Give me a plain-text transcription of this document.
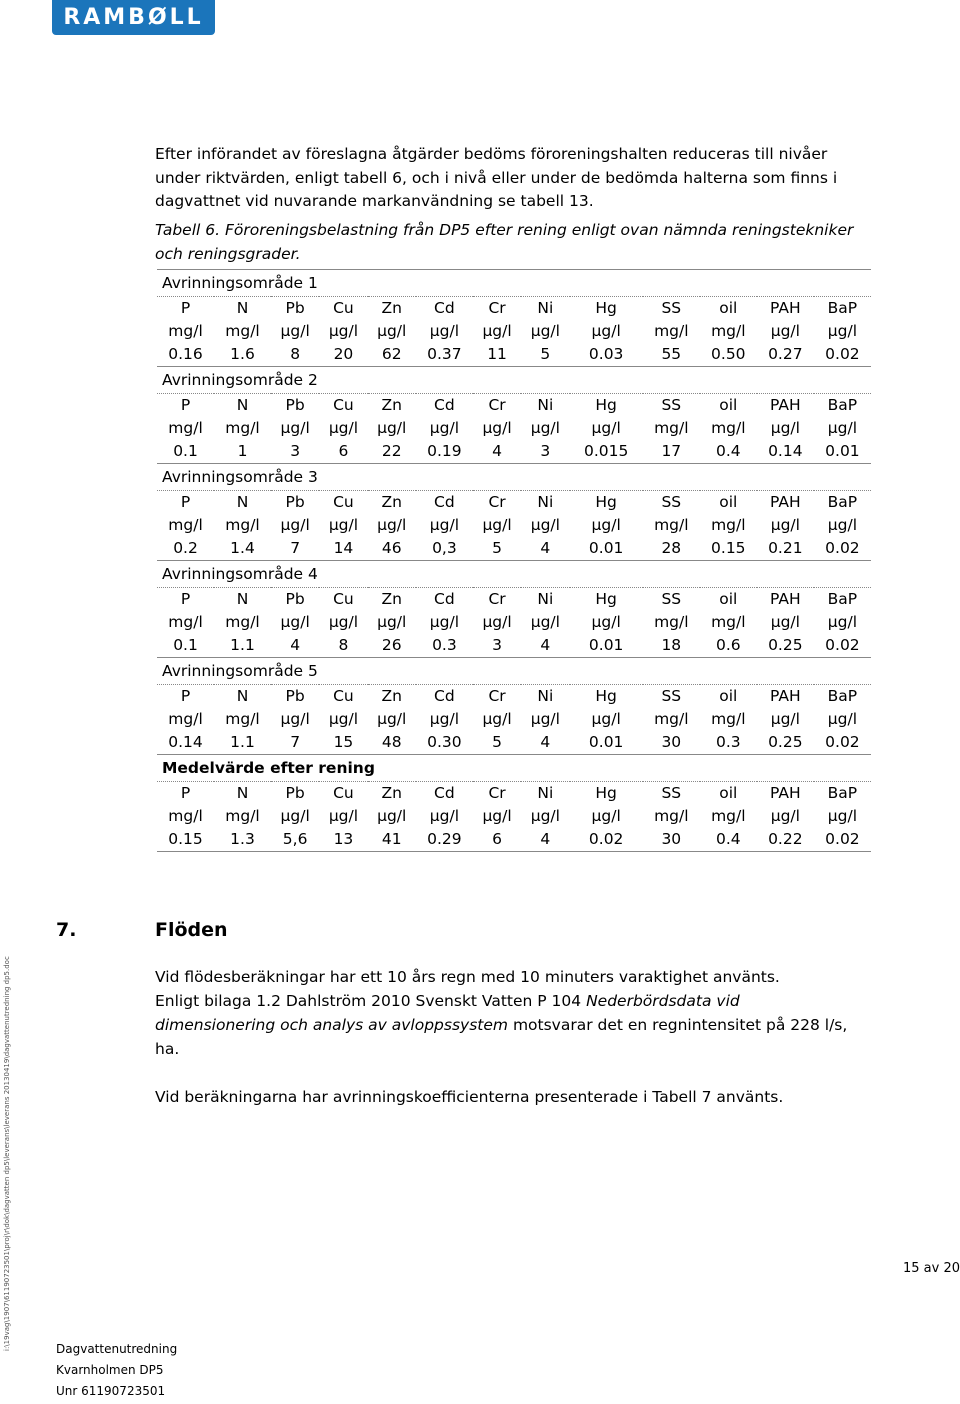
RAMBØLL
i:\19vag\1907\61190723501\proj\r\dok\dagvatten dp5\leverans\leverans 20130419\dagvattenutredning dp5.doc
Efter införandet av föreslagna åtgärder bedöms föroreningshalten reduceras till nivåer under riktvärden, enligt tabell 6, och i nivå eller under de bedömda halterna som finns i dagvattnet vid nuvarande markanvändning se tabell 13.
Tabell 6. Föroreningsbelastning från DP5 efter rening enligt ovan nämnda reningstekniker och reningsgrader.
Avrinningsområde 1												
P	N	Pb	Cu	Zn	Cd	Cr	Ni	Hg	SS	oil	PAH	BaP
mg/l	mg/l	µg/l	µg/l	µg/l	µg/l	µg/l	µg/l	µg/l	mg/l	mg/l	µg/l	µg/l
0.16	1.6	8	20	62	0.37	11	5	0.03	55	0.50	0.27	0.02
Avrinningsområde 2												
P	N	Pb	Cu	Zn	Cd	Cr	Ni	Hg	SS	oil	PAH	BaP
mg/l	mg/l	µg/l	µg/l	µg/l	µg/l	µg/l	µg/l	µg/l	mg/l	mg/l	µg/l	µg/l
0.1	1	3	6	22	0.19	4	3	0.015	17	0.4	0.14	0.01
Avrinningsområde 3												
P	N	Pb	Cu	Zn	Cd	Cr	Ni	Hg	SS	oil	PAH	BaP
mg/l	mg/l	µg/l	µg/l	µg/l	µg/l	µg/l	µg/l	µg/l	mg/l	mg/l	µg/l	µg/l
0.2	1.4	7	14	46	0,3	5	4	0.01	28	0.15	0.21	0.02
Avrinningsområde 4												
P	N	Pb	Cu	Zn	Cd	Cr	Ni	Hg	SS	oil	PAH	BaP
mg/l	mg/l	µg/l	µg/l	µg/l	µg/l	µg/l	µg/l	µg/l	mg/l	mg/l	µg/l	µg/l
0.1	1.1	4	8	26	0.3	3	4	0.01	18	0.6	0.25	0.02
Avrinningsområde 5												
P	N	Pb	Cu	Zn	Cd	Cr	Ni	Hg	SS	oil	PAH	BaP
mg/l	mg/l	µg/l	µg/l	µg/l	µg/l	µg/l	µg/l	µg/l	mg/l	mg/l	µg/l	µg/l
0.14	1.1	7	15	48	0.30	5	4	0.01	30	0.3	0.25	0.02
Medelvärde efter rening												
P	N	Pb	Cu	Zn	Cd	Cr	Ni	Hg	SS	oil	PAH	BaP
mg/l	mg/l	µg/l	µg/l	µg/l	µg/l	µg/l	µg/l	µg/l	mg/l	mg/l	µg/l	µg/l
0.15	1.3	5,6	13	41	0.29	6	4	0.02	30	0.4	0.22	0.02
7.	Flöden
Vid flödesberäkningar har ett 10 års regn med 10 minuters varaktighet använts.
Enligt bilaga 1.2 Dahlström 2010 Svenskt Vatten P 104 Nederbördsdata vid dimensionering och analys av avloppssystem motsvarar det en regnintensitet på 228 l/s, ha.
Vid beräkningarna har avrinningskoefficienterna presenterade i Tabell 7 använts.
15 av 20
Dagvattenutredning
Kvarnholmen DP5
Unr 61190723501
